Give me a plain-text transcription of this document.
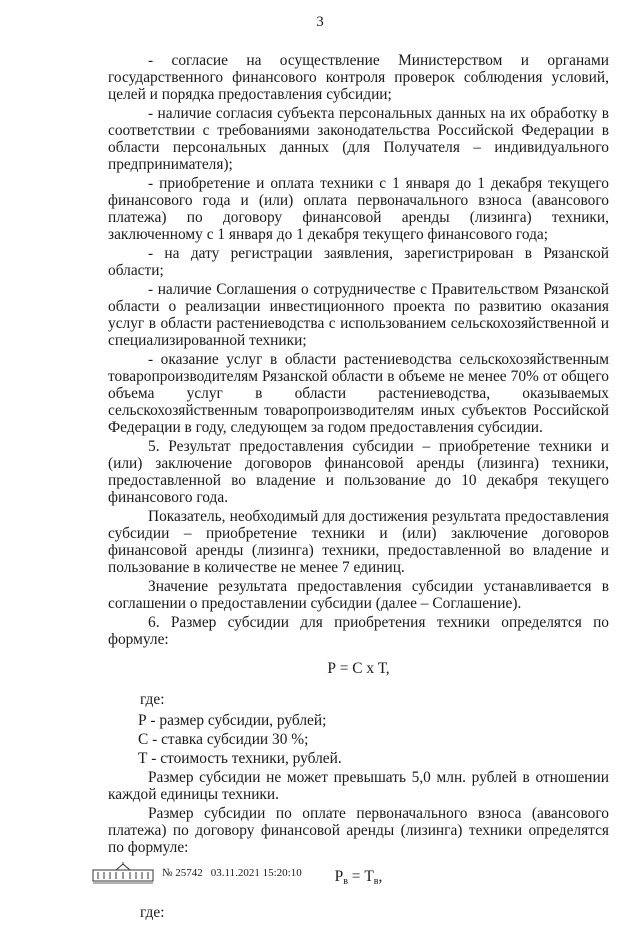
3

- согласие на осуществление Министерством и органами государственного финансового контроля проверок соблюдения условий, целей и порядка предоставления субсидии;

- наличие согласия субъекта персональных данных на их обработку в соответствии с требованиями законодательства Российской Федерации в области персональных данных (для Получателя – индивидуального предпринимателя);

- приобретение и оплата техники с 1 января до 1 декабря текущего финансового года и (или) оплата первоначального взноса (авансового платежа) по договору финансовой аренды (лизинга) техники, заключенному с 1 января до 1 декабря текущего финансового года;

- на дату регистрации заявления, зарегистрирован в Рязанской области;

- наличие Соглашения о сотрудничестве с Правительством Рязанской области о реализации инвестиционного проекта по развитию оказания услуг в области растениеводства с использованием сельскохозяйственной и специализированной техники;

- оказание услуг в области растениеводства сельскохозяйственным товаропроизводителям Рязанской области в объеме не менее 70% от общего объема услуг в области растениеводства, оказываемых сельскохозяйственным товаропроизводителям иных субъектов Российской Федерации в году, следующем за годом предоставления субсидии.

5. Результат предоставления субсидии – приобретение техники и (или) заключение договоров финансовой аренды (лизинга) техники, предоставленной во владение и пользование до 10 декабря текущего финансового года.

Показатель, необходимый для достижения результата предоставления субсидии – приобретение техники и (или) заключение договоров финансовой аренды (лизинга) техники, предоставленной во владение и пользование в количестве не менее 7 единиц.

Значение результата предоставления субсидии устанавливается в соглашении о предоставлении субсидии (далее – Соглашение).

6. Размер субсидии для приобретения техники определятся по формуле:

Р = С х Т,

где:

Р - размер субсидии, рублей;

С - ставка субсидии 30 %;

Т - стоимость техники, рублей.

Размер субсидии не может превышать 5,0 млн. рублей в отношении каждой единицы техники.

Размер субсидии по оплате первоначального взноса (авансового платежа) по договору финансовой аренды (лизинга) техники определятся по формуле:

$Р_в = Т_в$,

где:

№ 25742 03.11.2021 15:20:10
